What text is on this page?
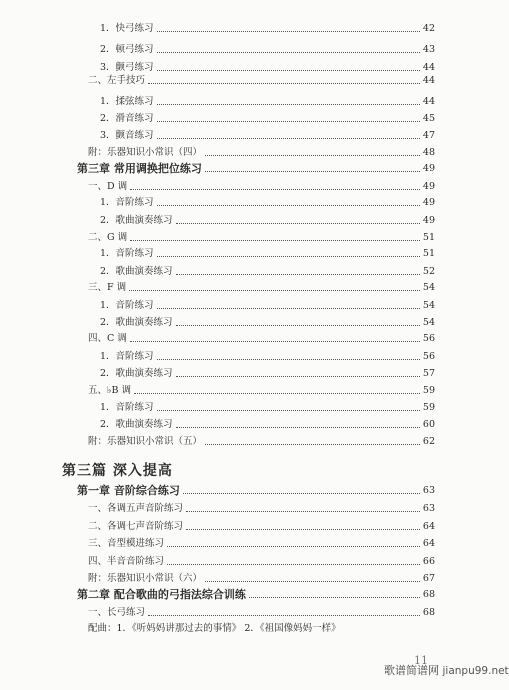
1．快弓练习	42
2．顿弓练习	43
3．颤弓练习	44
二、左手技巧	44
1．揉弦练习	44
2．滑音练习	45
3．颤音练习	47
附：乐器知识小常识（四）	48
第三章 常用调换把位练习	49
一、D 调	49
1．音阶练习	49
2．歌曲演奏练习	49
二、G 调	51
1．音阶练习	51
2．歌曲演奏练习	52
三、F 调	54
1．音阶练习	54
2．歌曲演奏练习	54
四、C 调	56
1．音阶练习	56
2．歌曲演奏练习	57
五、♭B 调	59
1．音阶练习	59
2．歌曲演奏练习	60
附：乐器知识小常识（五）	62
第三篇 深入提高
第一章 音阶综合练习	63
一、各调五声音阶练习	63
二、各调七声音阶练习	64
三、音型模进练习	64
四、半音音阶练习	66
附：乐器知识小常识（六）	67
第二章 配合歌曲的弓指法综合训练	68
一、长弓练习	68
配曲：1．《听妈妈讲那过去的事情》 2．《祖国像妈妈一样》
11
歌谱简谱网 jianpu99.net
